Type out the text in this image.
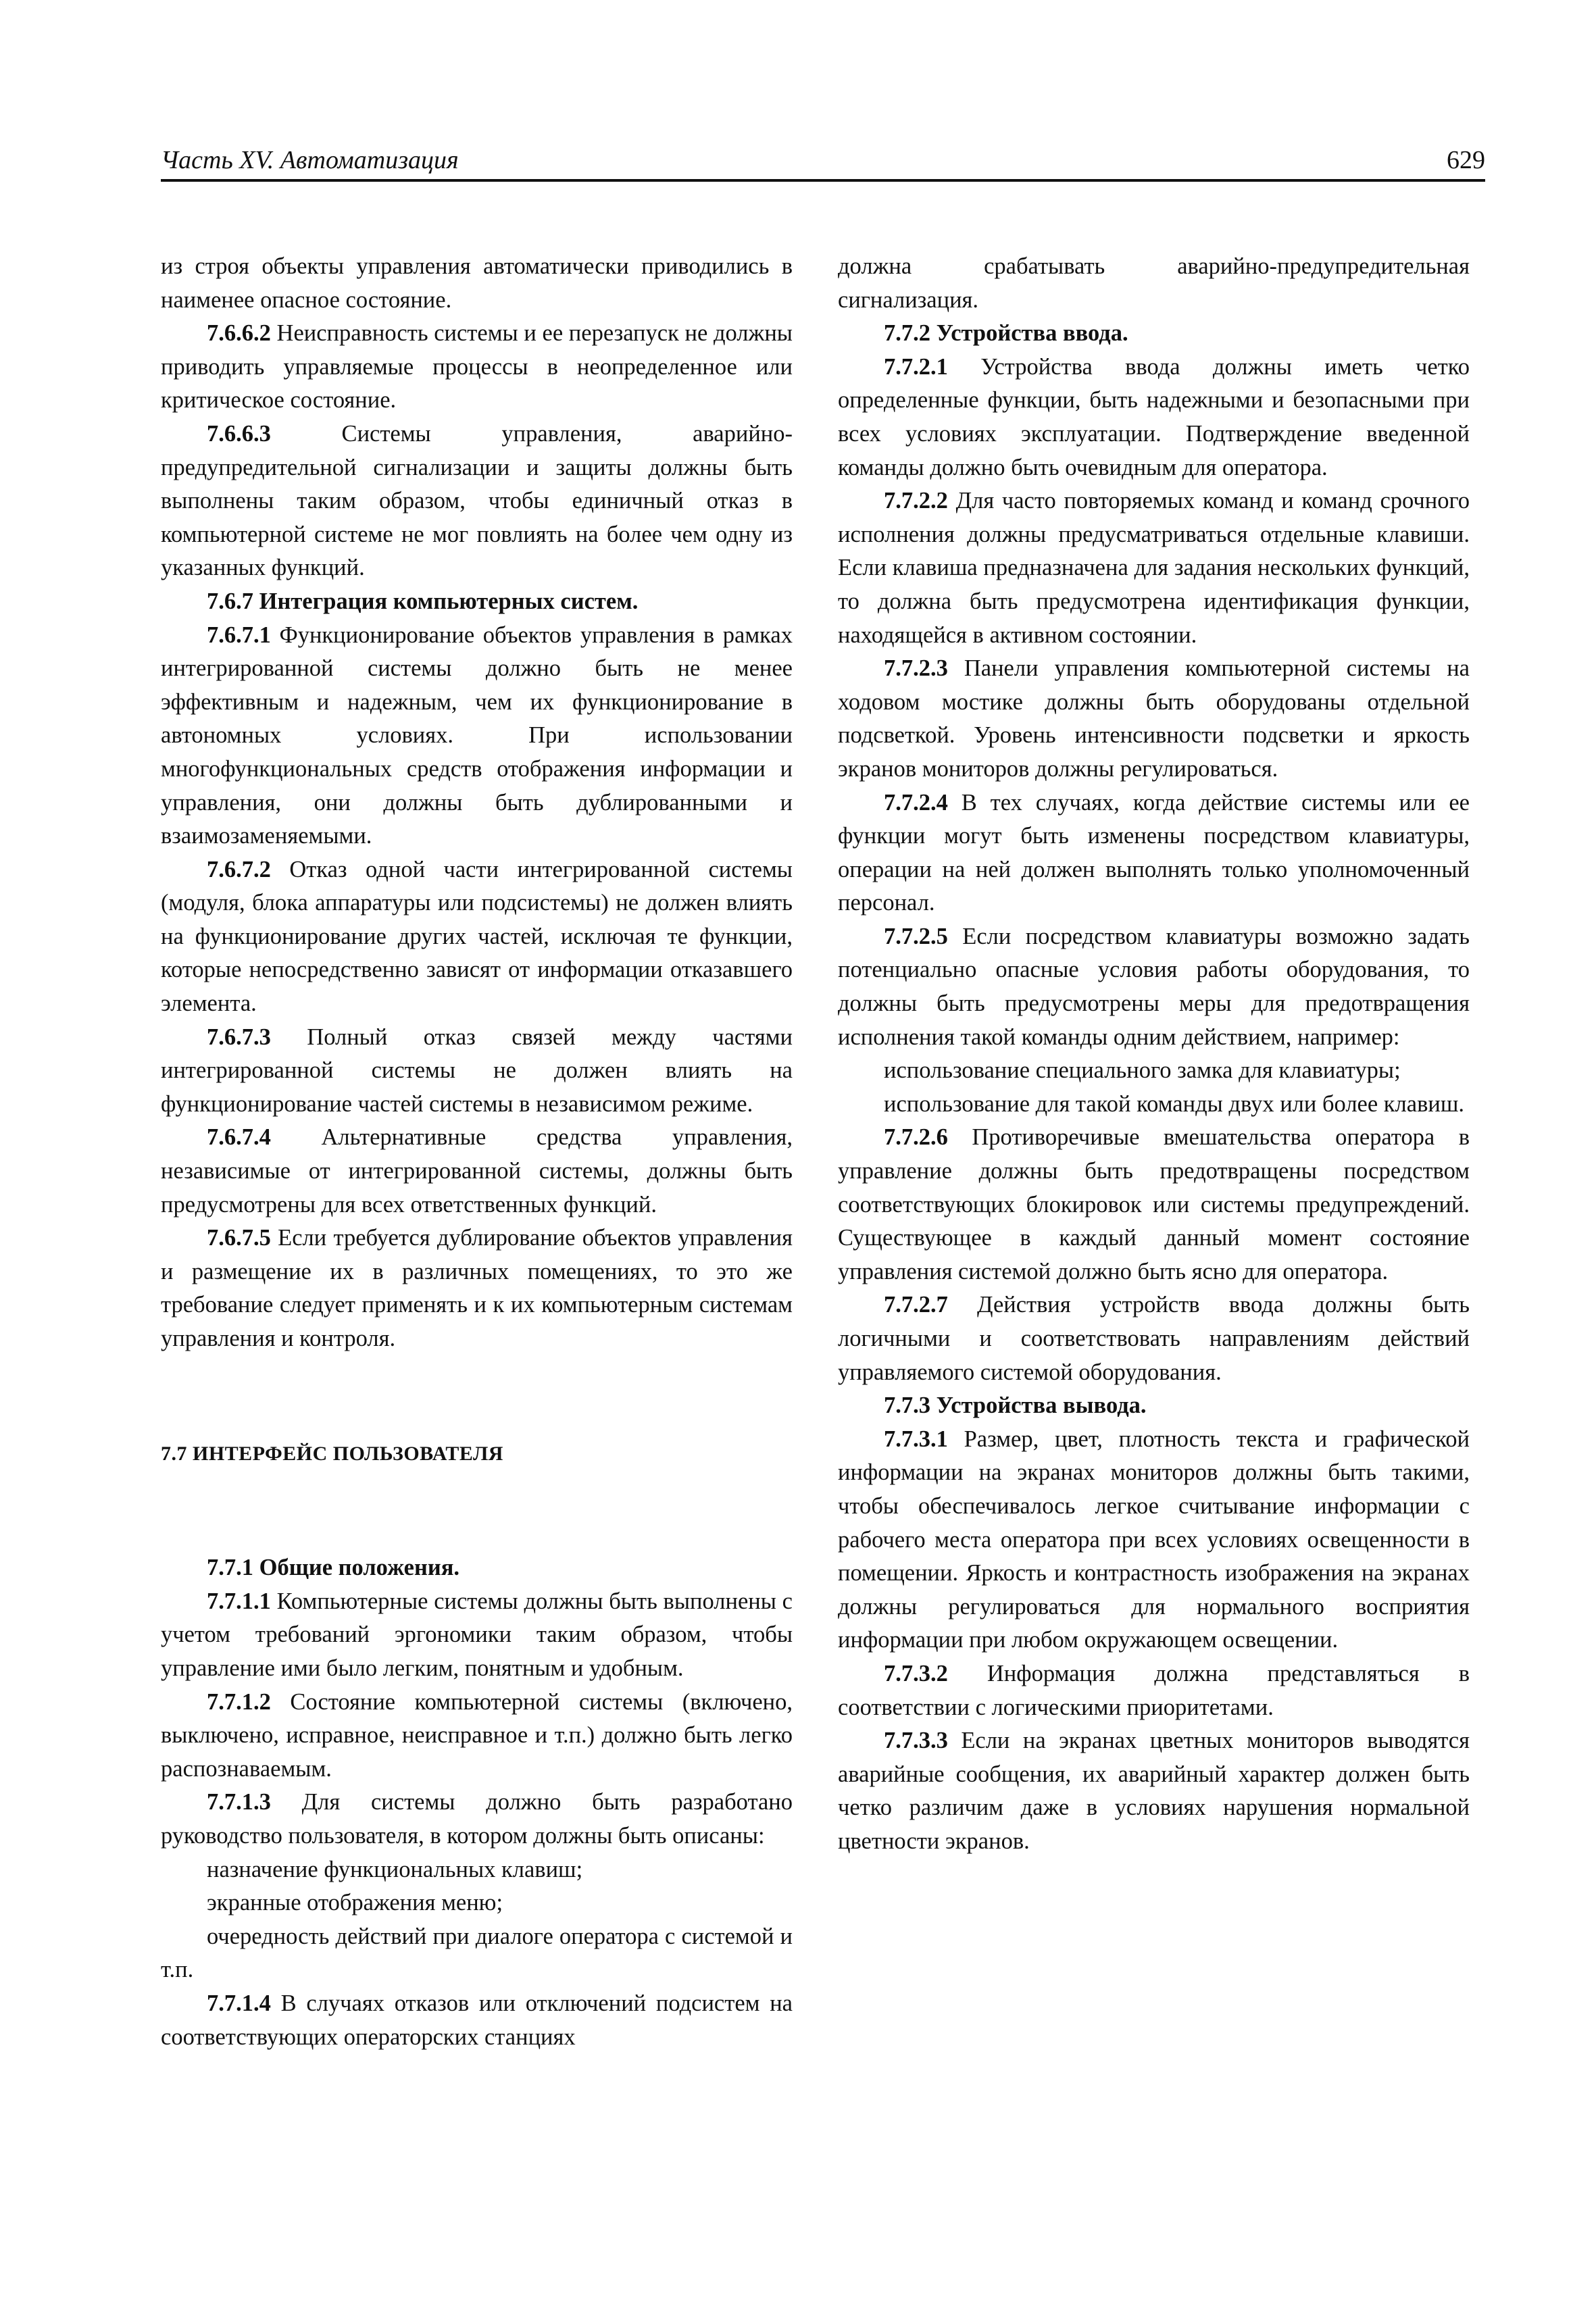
Часть XV. Автоматизация	629

из строя объекты управления автоматически приводились в наименее опасное состояние.

7.6.6.2 Неисправность системы и ее перезапуск не должны приводить управляемые процессы в неопределенное или критическое состояние.

7.6.6.3 Системы управления, аварийно-предупредительной сигнализации и защиты должны быть выполнены таким образом, чтобы единичный отказ в компьютерной системе не мог повлиять на более чем одну из указанных функций.

7.6.7 Интеграция компьютерных систем.

7.6.7.1 Функционирование объектов управления в рамках интегрированной системы должно быть не менее эффективным и надежным, чем их функционирование в автономных условиях. При использовании многофункциональных средств отображения информации и управления, они должны быть дублированными и взаимозаменяемыми.

7.6.7.2 Отказ одной части интегрированной системы (модуля, блока аппаратуры или подсистемы) не должен влиять на функционирование других частей, исключая те функции, которые непосредственно зависят от информации отказавшего элемента.

7.6.7.3 Полный отказ связей между частями интегрированной системы не должен влиять на функционирование частей системы в независимом режиме.

7.6.7.4 Альтернативные средства управления, независимые от интегрированной системы, должны быть предусмотрены для всех ответственных функций.

7.6.7.5 Если требуется дублирование объектов управления и размещение их в различных помещениях, то это же требование следует применять и к их компьютерным системам управления и контроля.

7.7 ИНТЕРФЕЙС ПОЛЬЗОВАТЕЛЯ

7.7.1 Общие положения.

7.7.1.1 Компьютерные системы должны быть выполнены с учетом требований эргономики таким образом, чтобы управление ими было легким, понятным и удобным.

7.7.1.2 Состояние компьютерной системы (включено, выключено, исправное, неисправное и т.п.) должно быть легко распознаваемым.

7.7.1.3 Для системы должно быть разработано руководство пользователя, в котором должны быть описаны:

назначение функциональных клавиш;

экранные отображения меню;

очередность действий при диалоге оператора с системой и т.п.

7.7.1.4 В случаях отказов или отключений подсистем на соответствующих операторских станциях

должна срабатывать аварийно-предупредительная сигнализация.

7.7.2 Устройства ввода.

7.7.2.1 Устройства ввода должны иметь четко определенные функции, быть надежными и безопасными при всех условиях эксплуатации. Подтверждение введенной команды должно быть очевидным для оператора.

7.7.2.2 Для часто повторяемых команд и команд срочного исполнения должны предусматриваться отдельные клавиши. Если клавиша предназначена для задания нескольких функций, то должна быть предусмотрена идентификация функции, находящейся в активном состоянии.

7.7.2.3 Панели управления компьютерной системы на ходовом мостике должны быть оборудованы отдельной подсветкой. Уровень интенсивности подсветки и яркость экранов мониторов должны регулироваться.

7.7.2.4 В тех случаях, когда действие системы или ее функции могут быть изменены посредством клавиатуры, операции на ней должен выполнять только уполномоченный персонал.

7.7.2.5 Если посредством клавиатуры возможно задать потенциально опасные условия работы оборудования, то должны быть предусмотрены меры для предотвращения исполнения такой команды одним действием, например:

использование специального замка для клавиатуры;

использование для такой команды двух или более клавиш.

7.7.2.6 Противоречивые вмешательства оператора в управление должны быть предотвращены посредством соответствующих блокировок или системы предупреждений. Существующее в каждый данный момент состояние управления системой должно быть ясно для оператора.

7.7.2.7 Действия устройств ввода должны быть логичными и соответствовать направлениям действий управляемого системой оборудования.

7.7.3 Устройства вывода.

7.7.3.1 Размер, цвет, плотность текста и графической информации на экранах мониторов должны быть такими, чтобы обеспечивалось легкое считывание информации с рабочего места оператора при всех условиях освещенности в помещении. Яркость и контрастность изображения на экранах должны регулироваться для нормального восприятия информации при любом окружающем освещении.

7.7.3.2 Информация должна представляться в соответствии с логическими приоритетами.

7.7.3.3 Если на экранах цветных мониторов выводятся аварийные сообщения, их аварийный характер должен быть четко различим даже в условиях нарушения нормальной цветности экранов.
